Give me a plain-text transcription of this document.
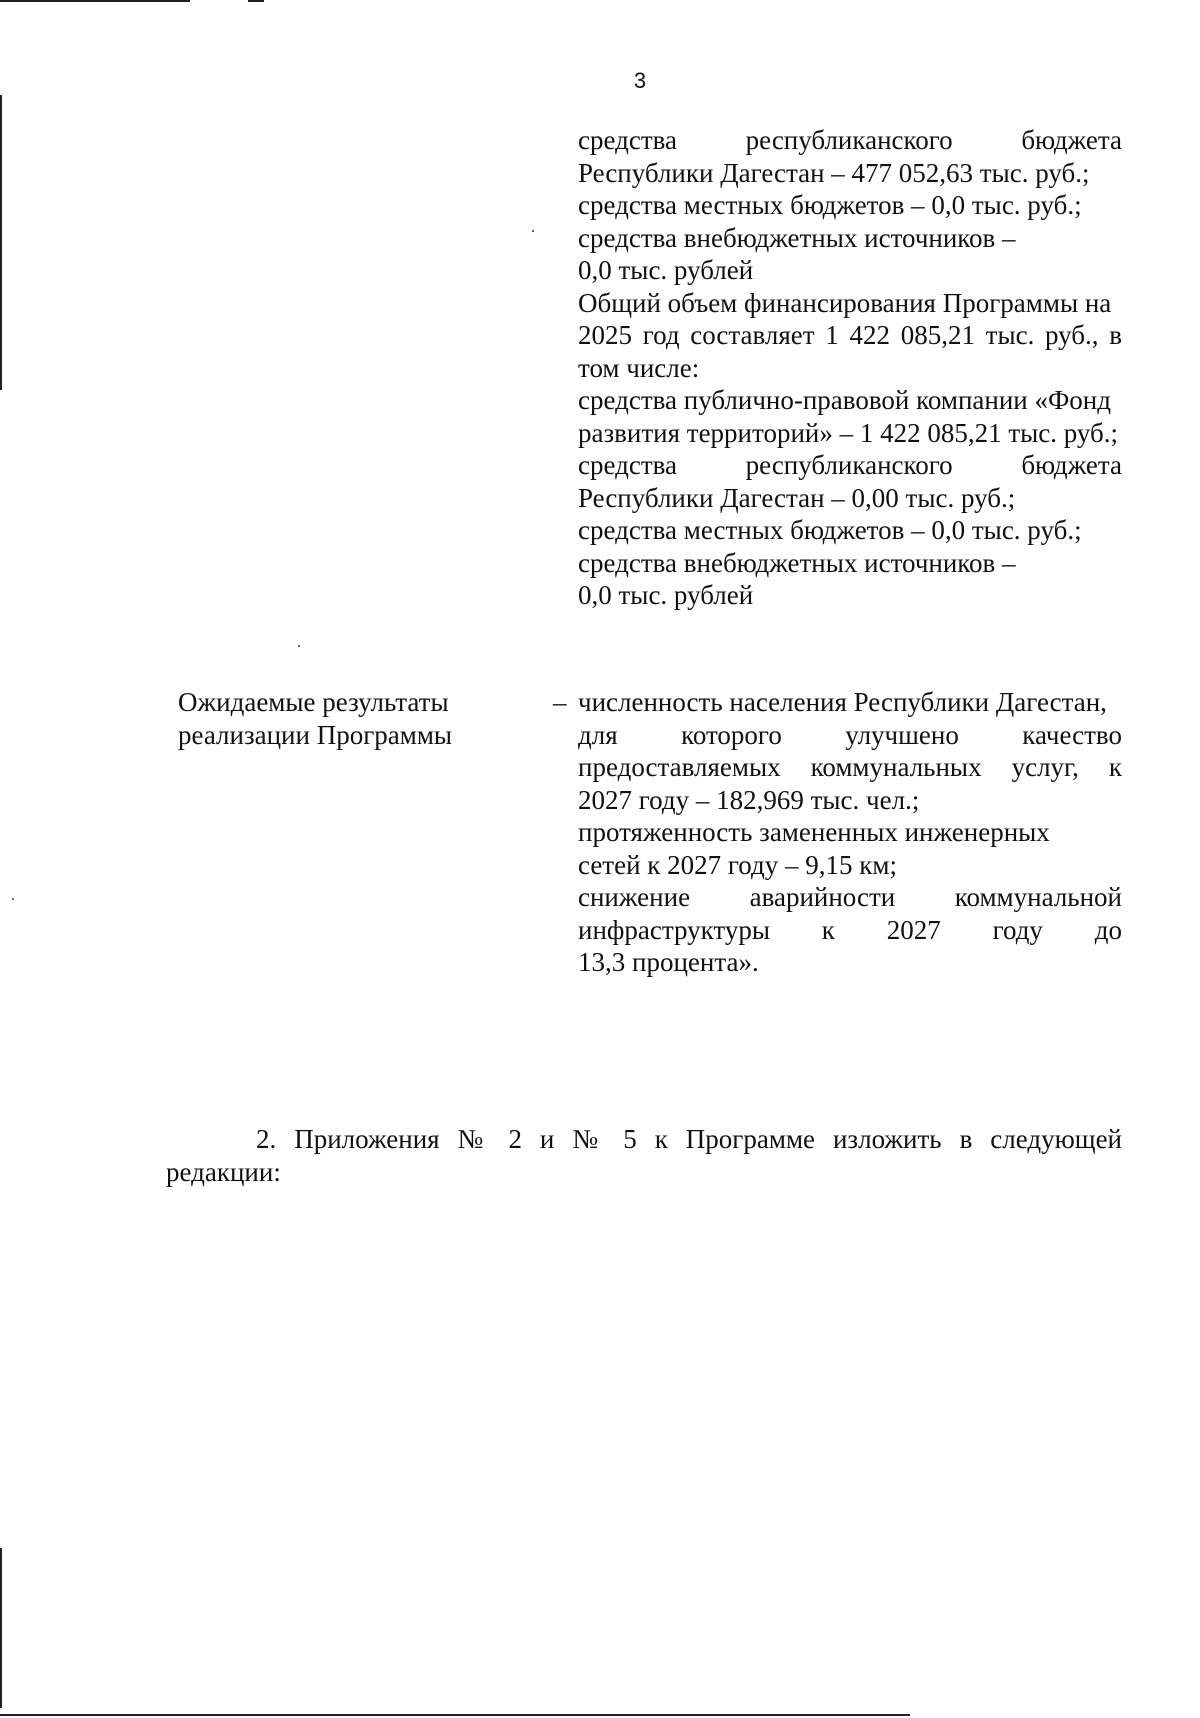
3
средства республиканского бюджета
Республики Дагестан – 477 052,63 тыс. руб.;
средства местных бюджетов – 0,0 тыс. руб.;
средства внебюджетных источников –
0,0 тыс. рублей
Общий объем финансирования Программы на
2025 год составляет 1 422 085,21 тыс. руб., в
том числе:
средства публично-правовой компании «Фонд
развития территорий» – 1 422 085,21 тыс. руб.;
средства республиканского бюджета
Республики Дагестан – 0,00 тыс. руб.;
средства местных бюджетов – 0,0 тыс. руб.;
средства внебюджетных источников –
0,0 тыс. рублей
Ожидаемые результаты
реализации Программы
– численность населения Республики Дагестан,
для которого улучшено качество
предоставляемых коммунальных услуг, к
2027 году – 182,969 тыс. чел.;
протяженность замененных инженерных
сетей к 2027 году – 9,15 км;
снижение аварийности коммунальной
инфраструктуры к 2027 году до
13,3 процента».
2. Приложения № 2 и № 5 к Программе изложить в следующей
редакции:
